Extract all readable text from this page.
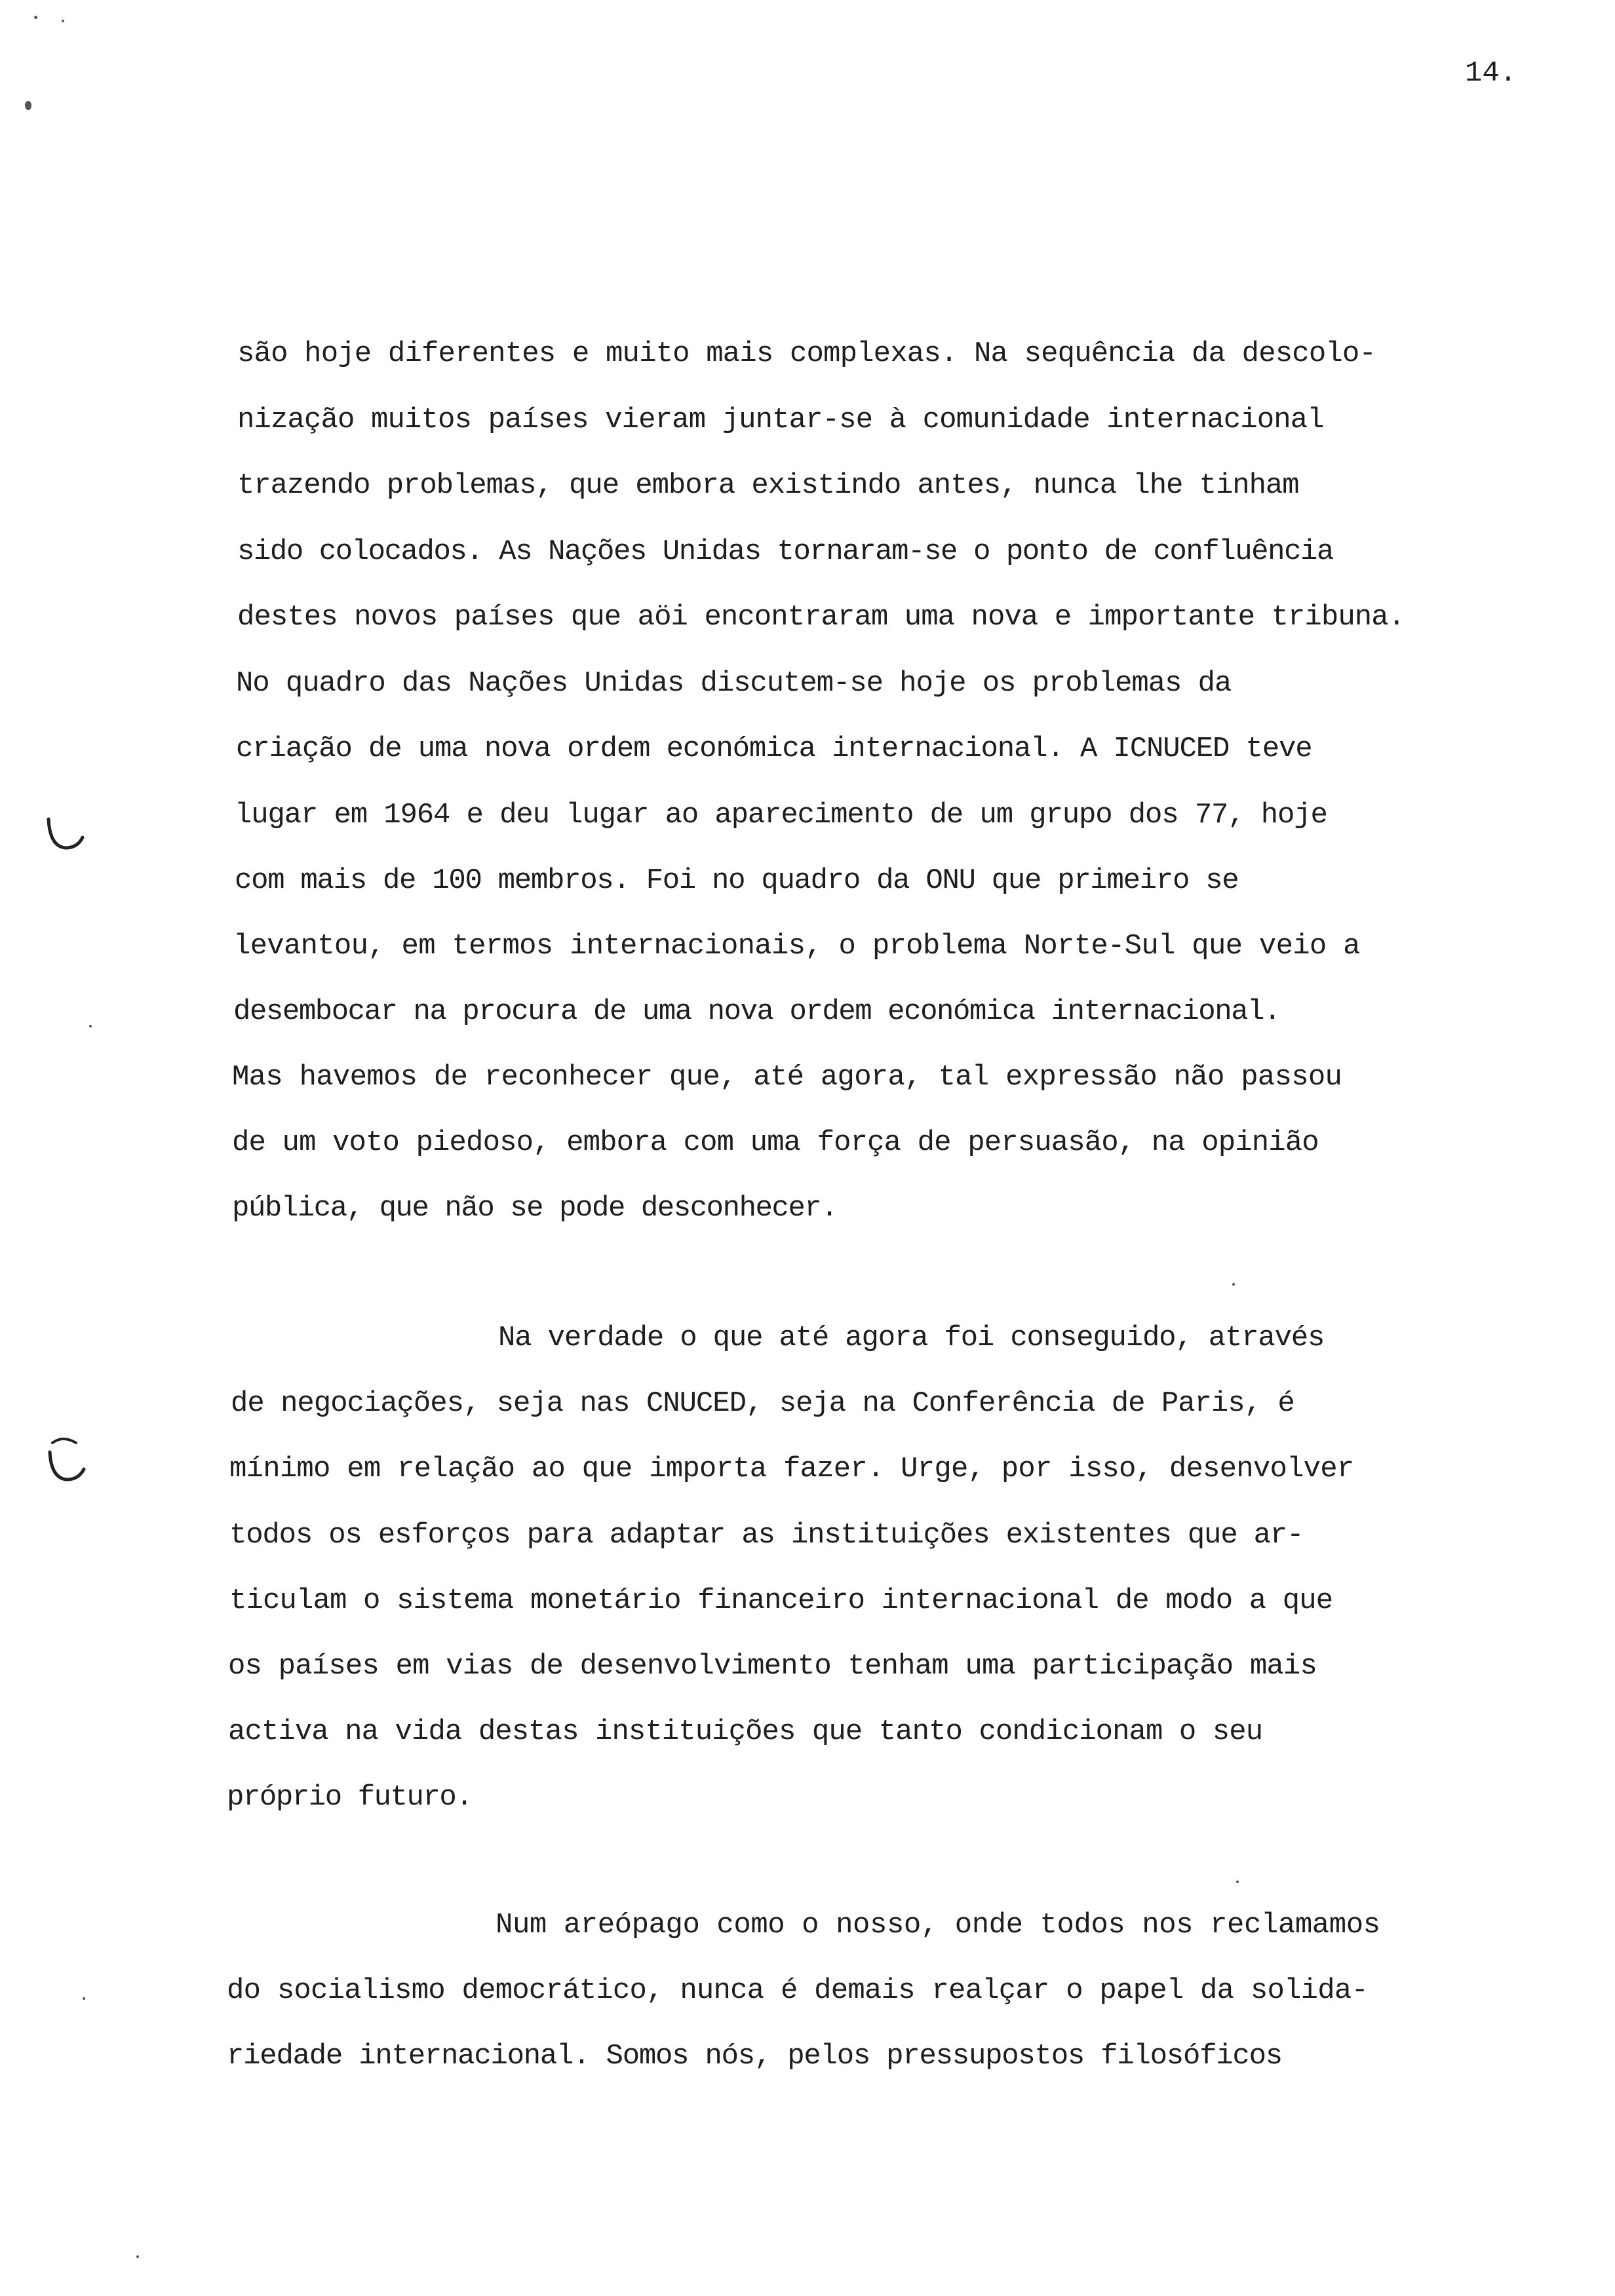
14.
são hoje diferentes e muito mais complexas. Na sequência da descolo-
nização muitos países vieram juntar-se à comunidade internacional
trazendo problemas, que embora existindo antes, nunca lhe tinham
sido colocados. As Nações Unidas tornaram-se o ponto de confluência
destes novos países que aöi encontraram uma nova e importante tribuna.
No quadro das Nações Unidas discutem-se hoje os problemas da
criação de uma nova ordem económica internacional. A ICNUCED teve
lugar em 1964 e deu lugar ao aparecimento de um grupo dos 77, hoje
com mais de 100 membros. Foi no quadro da ONU que primeiro se
levantou, em termos internacionais, o problema Norte-Sul que veio a
desembocar na procura de uma nova ordem económica internacional.
Mas havemos de reconhecer que, até agora, tal expressão não passou
de um voto piedoso, embora com uma força de persuasão, na opinião
pública, que não se pode desconhecer.
Na verdade o que até agora foi conseguido, através
de negociações, seja nas CNUCED, seja na Conferência de Paris, é
mínimo em relação ao que importa fazer. Urge, por isso, desenvolver
todos os esforços para adaptar as instituições existentes que ar-
ticulam o sistema monetário financeiro internacional de modo a que
os países em vias de desenvolvimento tenham uma participação mais
activa na vida destas instituições que tanto condicionam o seu
próprio futuro.
Num areópago como o nosso, onde todos nos reclamamos
do socialismo democrático, nunca é demais realçar o papel da solida-
riedade internacional. Somos nós, pelos pressupostos filosóficos
